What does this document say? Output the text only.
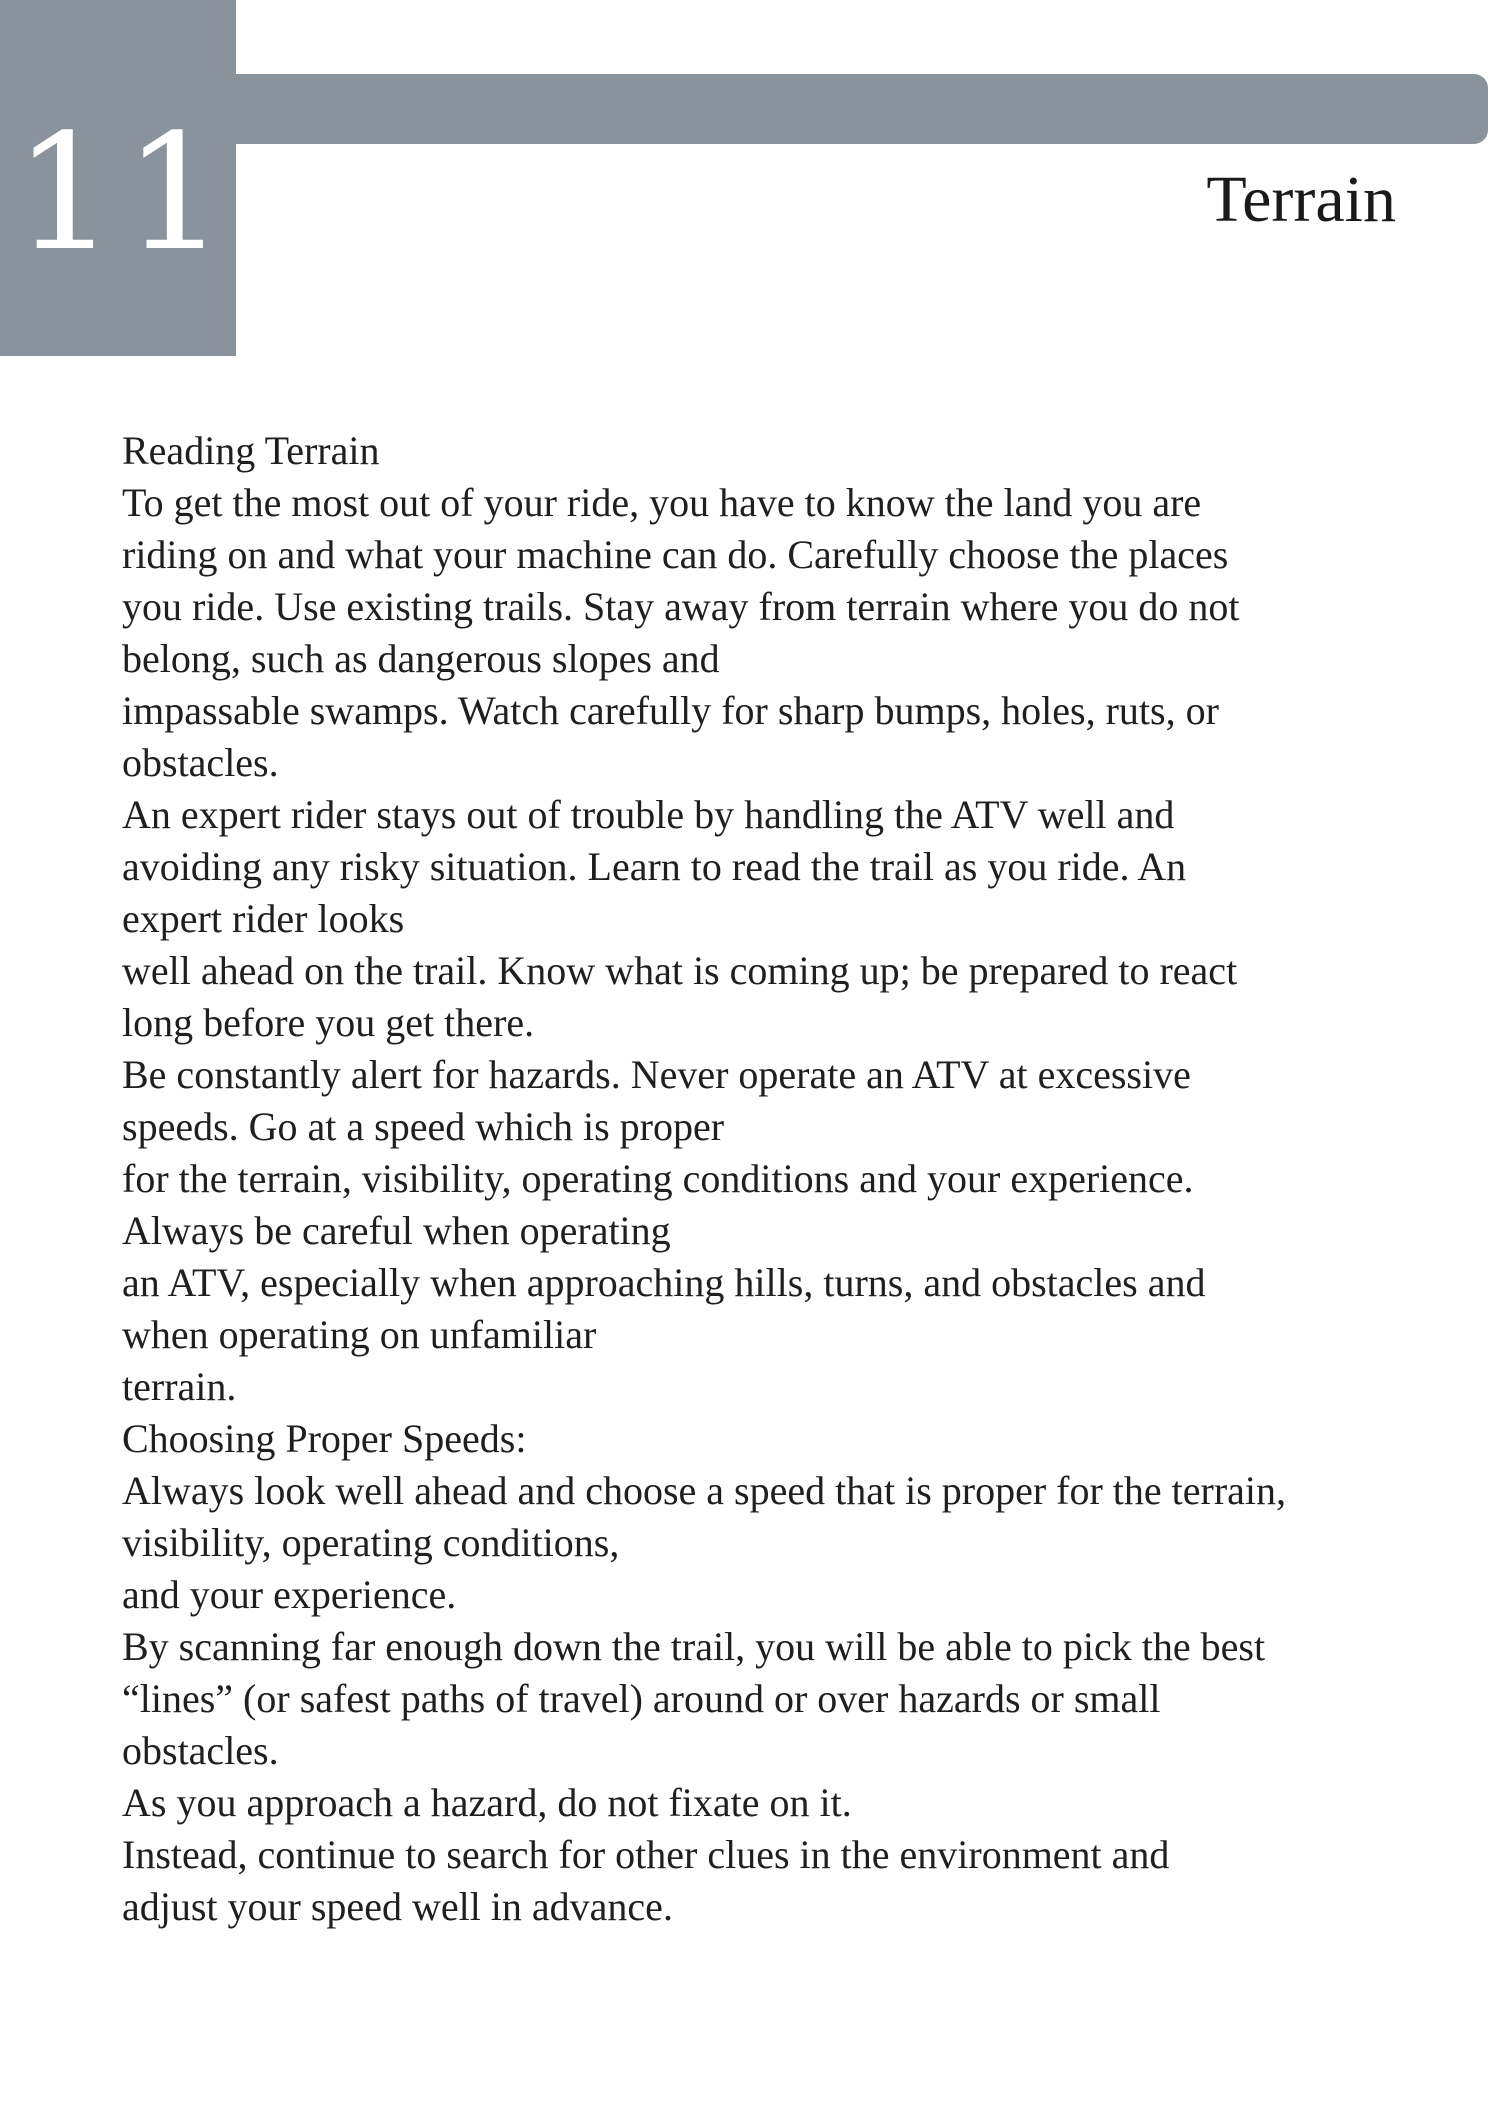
11	Terrain
Reading Terrain
To get the most out of your ride, you have to know the land you are
riding on and what your machine can do. Carefully choose the places
you ride. Use existing trails. Stay away from terrain where you do not
belong, such as dangerous slopes and
impassable swamps. Watch carefully for sharp bumps, holes, ruts, or
obstacles.
An expert rider stays out of trouble by handling the ATV well and
avoiding any risky situation. Learn to read the trail as you ride. An
expert rider looks
well ahead on the trail. Know what is coming up; be prepared to react
long before you get there.
Be constantly alert for hazards. Never operate an ATV at excessive
speeds. Go at a speed which is proper
for the terrain, visibility, operating conditions and your experience.
Always be careful when operating
an ATV, especially when approaching hills, turns, and obstacles and
when operating on unfamiliar
terrain.
Choosing Proper Speeds:
Always look well ahead and choose a speed that is proper for the terrain,
visibility, operating conditions,
and your experience.
By scanning far enough down the trail, you will be able to pick the best
“lines” (or safest paths of travel) around or over hazards or small
obstacles.
As you approach a hazard, do not fixate on it.
Instead, continue to search for other clues in the environment and
adjust your speed well in advance.
